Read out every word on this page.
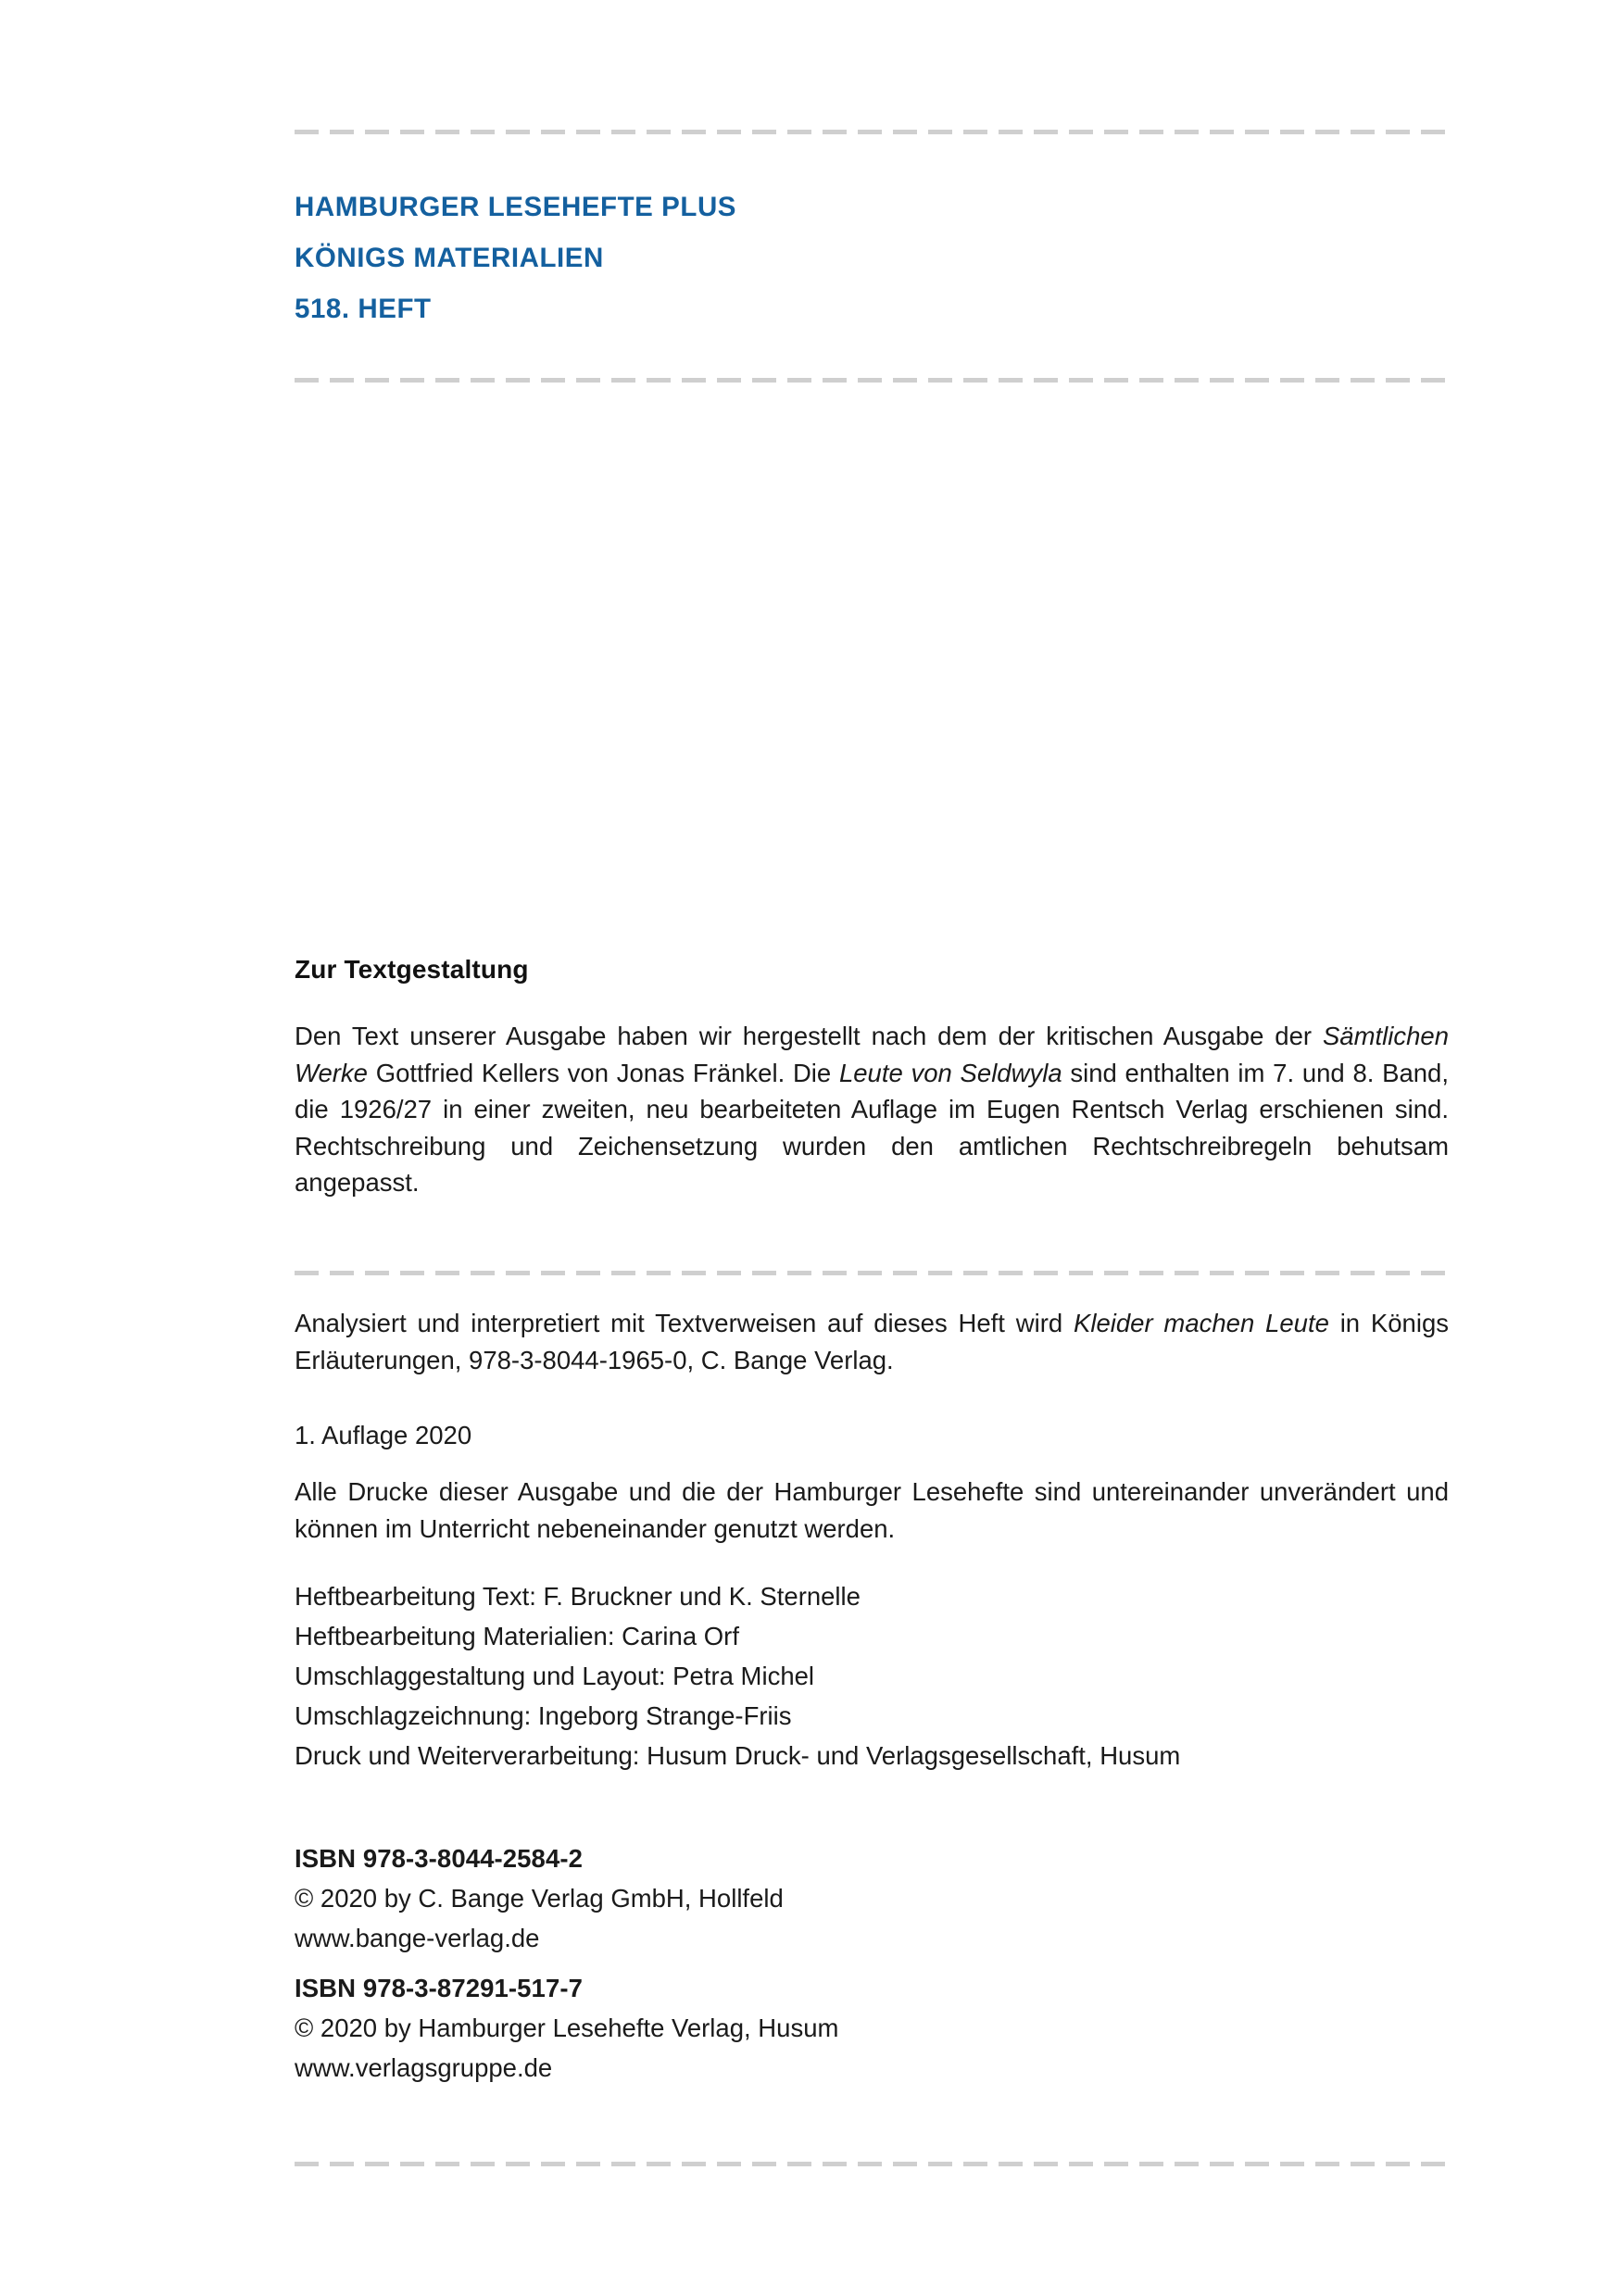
HAMBURGER LESEHEFTE PLUS
KÖNIGS MATERIALIEN
518. HEFT
Zur Textgestaltung

Den Text unserer Ausgabe haben wir hergestellt nach dem der kritischen Ausgabe der Sämtlichen Werke Gottfried Kellers von Jonas Fränkel. Die Leute von Seldwyla sind enthalten im 7. und 8. Band, die 1926/27 in einer zweiten, neu bearbeiteten Auflage im Eugen Rentsch Verlag erschienen sind. Rechtschreibung und Zeichensetzung wurden den amtlichen Rechtschreibregeln behutsam angepasst.

Analysiert und interpretiert mit Textverweisen auf dieses Heft wird Kleider machen Leute in Königs Erläuterungen, 978-3-8044-1965-0, C. Bange Verlag.

1. Auflage 2020

Alle Drucke dieser Ausgabe und die der Hamburger Lesehefte sind untereinander unverändert und können im Unterricht nebeneinander genutzt werden.

Heftbearbeitung Text: F. Bruckner und K. Sternelle
Heftbearbeitung Materialien: Carina Orf
Umschlaggestaltung und Layout: Petra Michel
Umschlagzeichnung: Ingeborg Strange-Friis
Druck und Weiterverarbeitung: Husum Druck- und Verlagsgesellschaft, Husum
ISBN 978-3-8044-2584-2
© 2020 by C. Bange Verlag GmbH, Hollfeld
www.bange-verlag.de
ISBN 978-3-87291-517-7
© 2020 by Hamburger Lesehefte Verlag, Husum
www.verlagsgruppe.de
